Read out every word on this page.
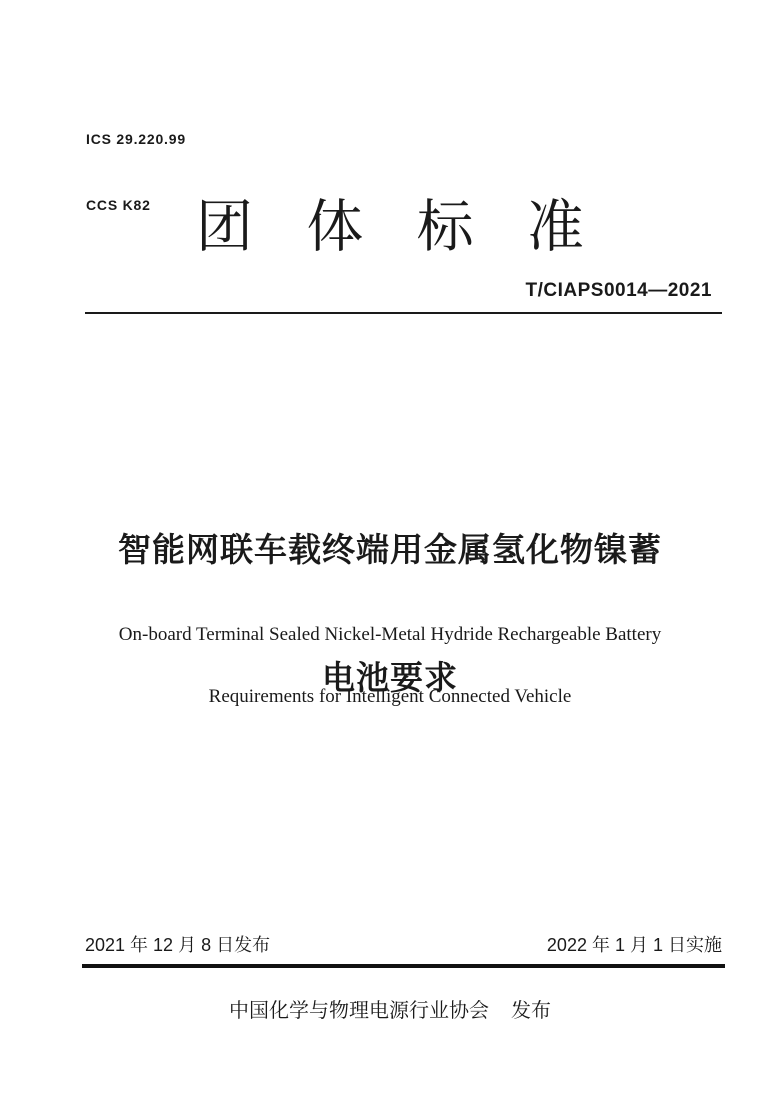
ICS 29.220.99

CCS K82

团 体 标 准
T/CIAPS0014—2021

智能网联车载终端用金属氢化物镍蓄

电池要求

On-board Terminal Sealed Nickel-Metal Hydride Rechargeable Battery

Requirements for Intelligent Connected Vehicle

2021 年 12 月 8 日发布	2022 年 1 月 1 日实施
中国化学与物理电源行业协会 发布
